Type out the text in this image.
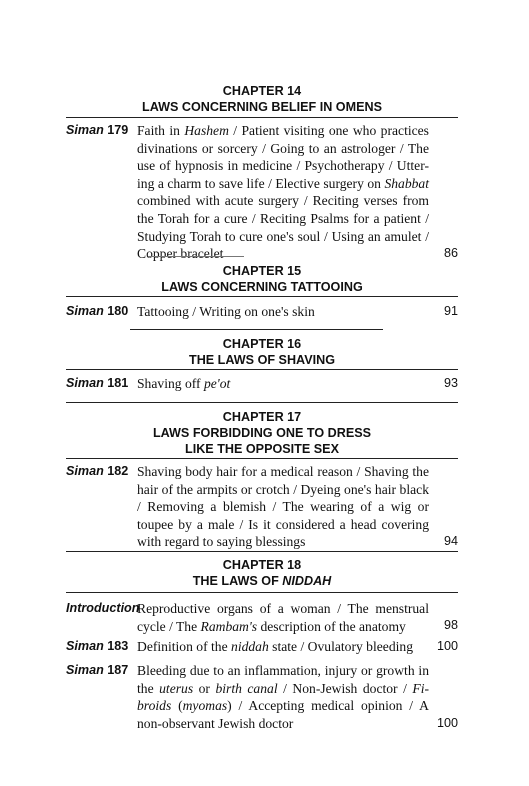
CHAPTER 14
LAWS CONCERNING BELIEF IN OMENS
Siman 179 Faith in Hashem / Patient visiting one who practices
divinations or sorcery / Going to an astrologer / The
use of hypnosis in medicine / Psychotherapy / Utter-
ing a charm to save life / Elective surgery on Shabbat
combined with acute surgery / Reciting verses from
the Torah for a cure / Reciting Psalms for a patient /
Studying Torah to cure one's soul / Using an amulet /
Copper bracelet	86
CHAPTER 15
LAWS CONCERNING TATTOOING
Siman 180 Tattooing / Writing on one's skin	91
CHAPTER 16
THE LAWS OF SHAVING
Siman 181 Shaving off pe'ot	93
CHAPTER 17
LAWS FORBIDDING ONE TO DRESS
LIKE THE OPPOSITE SEX
Siman 182 Shaving body hair for a medical reason / Shaving the
hair of the armpits or crotch / Dyeing one's hair black
/ Removing a blemish / The wearing of a wig or
toupee by a male / Is it considered a head covering
with regard to saying blessings	94
CHAPTER 18
THE LAWS OF NIDDAH
Introduction
Reproductive organs of a woman / The menstrual
cycle / The Rambam's description of the anatomy	98
Siman 183 Definition of the niddah state / Ovulatory bleeding	100
Siman 187 Bleeding due to an inflammation, injury or growth in
the uterus or birth canal / Non-Jewish doctor / Fi-
broids (myomas) / Accepting medical opinion / A
non-observant Jewish doctor	100
